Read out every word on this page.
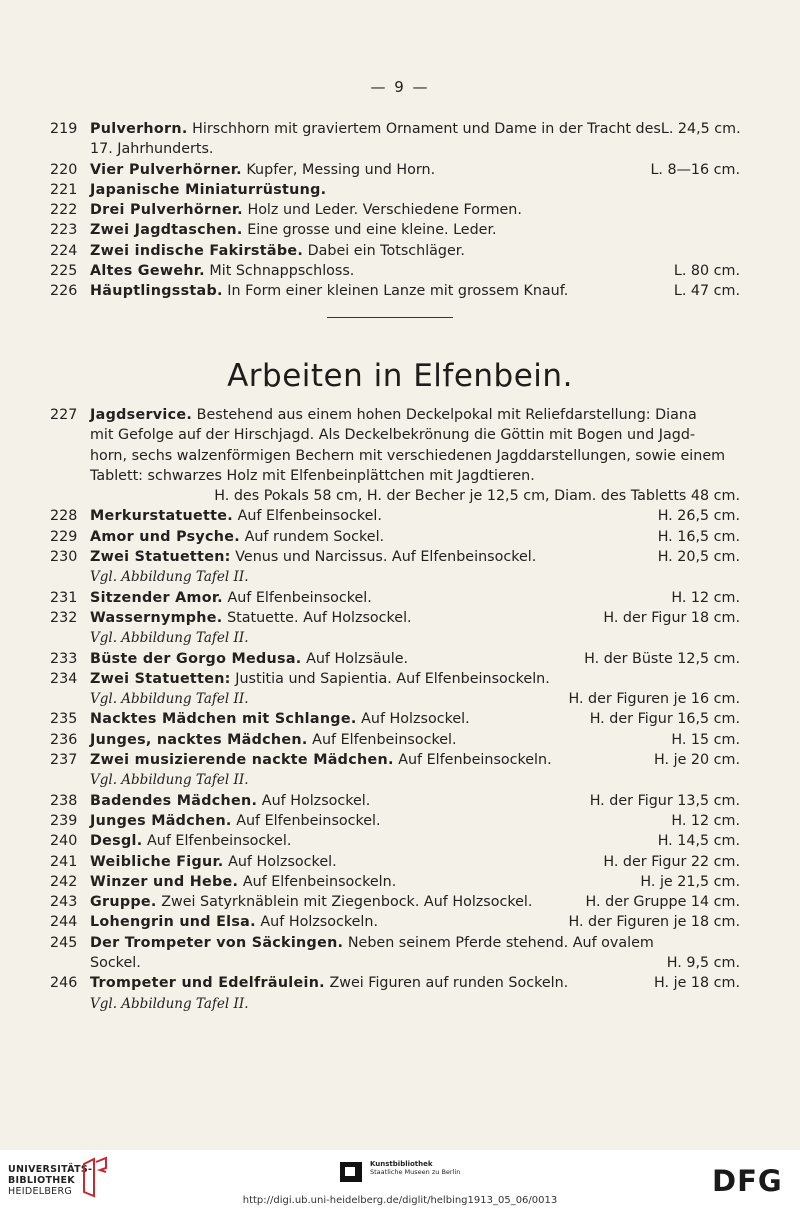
— 9 —
219 Pulverhorn. Hirschhorn mit graviertem Ornament und Dame in der Tracht des L. 24,5 cm.
17. Jahrhunderts.
220 Vier Pulverhörner. Kupfer, Messing und Horn.	L. 8—16 cm.
221 Japanische Miniaturrüstung.
222 Drei Pulverhörner. Holz und Leder. Verschiedene Formen.
223 Zwei Jagdtaschen. Eine grosse und eine kleine. Leder.
224 Zwei indische Fakirstäbe. Dabei ein Totschläger.
225 Altes Gewehr. Mit Schnappschloss.	L. 80 cm.
226 Häuptlingsstab. In Form einer kleinen Lanze mit grossem Knauf.	L. 47 cm.
Arbeiten in Elfenbein.
227 Jagdservice. Bestehend aus einem hohen Deckelpokal mit Reliefdarstellung: Diana
mit Gefolge auf der Hirschjagd. Als Deckelbekrönung die Göttin mit Bogen und Jagd-
horn, sechs walzenförmigen Bechern mit verschiedenen Jagddarstellungen, sowie einem
Tablett: schwarzes Holz mit Elfenbeinplättchen mit Jagdtieren.
H. des Pokals 58 cm, H. der Becher je 12,5 cm, Diam. des Tabletts 48 cm.
228 Merkurstatuette. Auf Elfenbeinsockel.	H. 26,5 cm.
229 Amor und Psyche. Auf rundem Sockel.	H. 16,5 cm.
230 Zwei Statuetten: Venus und Narcissus. Auf Elfenbeinsockel.	H. 20,5 cm.
Vgl. Abbildung Tafel II.
231 Sitzender Amor. Auf Elfenbeinsockel.	H. 12 cm.
232 Wassernymphe. Statuette. Auf Holzsockel.	H. der Figur 18 cm.
Vgl. Abbildung Tafel II.
233 Büste der Gorgo Medusa. Auf Holzsäule.	H. der Büste 12,5 cm.
234 Zwei Statuetten: Justitia und Sapientia. Auf Elfenbeinsockeln.
Vgl. Abbildung Tafel II.	H. der Figuren je 16 cm.
235 Nacktes Mädchen mit Schlange. Auf Holzsockel.	H. der Figur 16,5 cm.
236 Junges, nacktes Mädchen. Auf Elfenbeinsockel.	H. 15 cm.
237 Zwei musizierende nackte Mädchen. Auf Elfenbeinsockeln.	H. je 20 cm.
Vgl. Abbildung Tafel II.
238 Badendes Mädchen. Auf Holzsockel.	H. der Figur 13,5 cm.
239 Junges Mädchen. Auf Elfenbeinsockel.	H. 12 cm.
240 Desgl. Auf Elfenbeinsockel.	H. 14,5 cm.
241 Weibliche Figur. Auf Holzsockel.	H. der Figur 22 cm.
242 Winzer und Hebe. Auf Elfenbeinsockeln.	H. je 21,5 cm.
243 Gruppe. Zwei Satyrknäblein mit Ziegenbock. Auf Holzsockel.	H. der Gruppe 14 cm.
244 Lohengrin und Elsa. Auf Holzsockeln.	H. der Figuren je 18 cm.
245 Der Trompeter von Säckingen. Neben seinem Pferde stehend. Auf ovalem
Sockel.	H. 9,5 cm.
246 Trompeter und Edelfräulein. Zwei Figuren auf runden Sockeln.	H. je 18 cm.
Vgl. Abbildung Tafel II.
UNIVERSITÄTS-
BIBLIOTHEK
HEIDELBERG
Kunstbibliothek
Staatliche Museen zu Berlin	DFG
http://digi.ub.uni-heidelberg.de/diglit/helbing1913_05_06/0013
